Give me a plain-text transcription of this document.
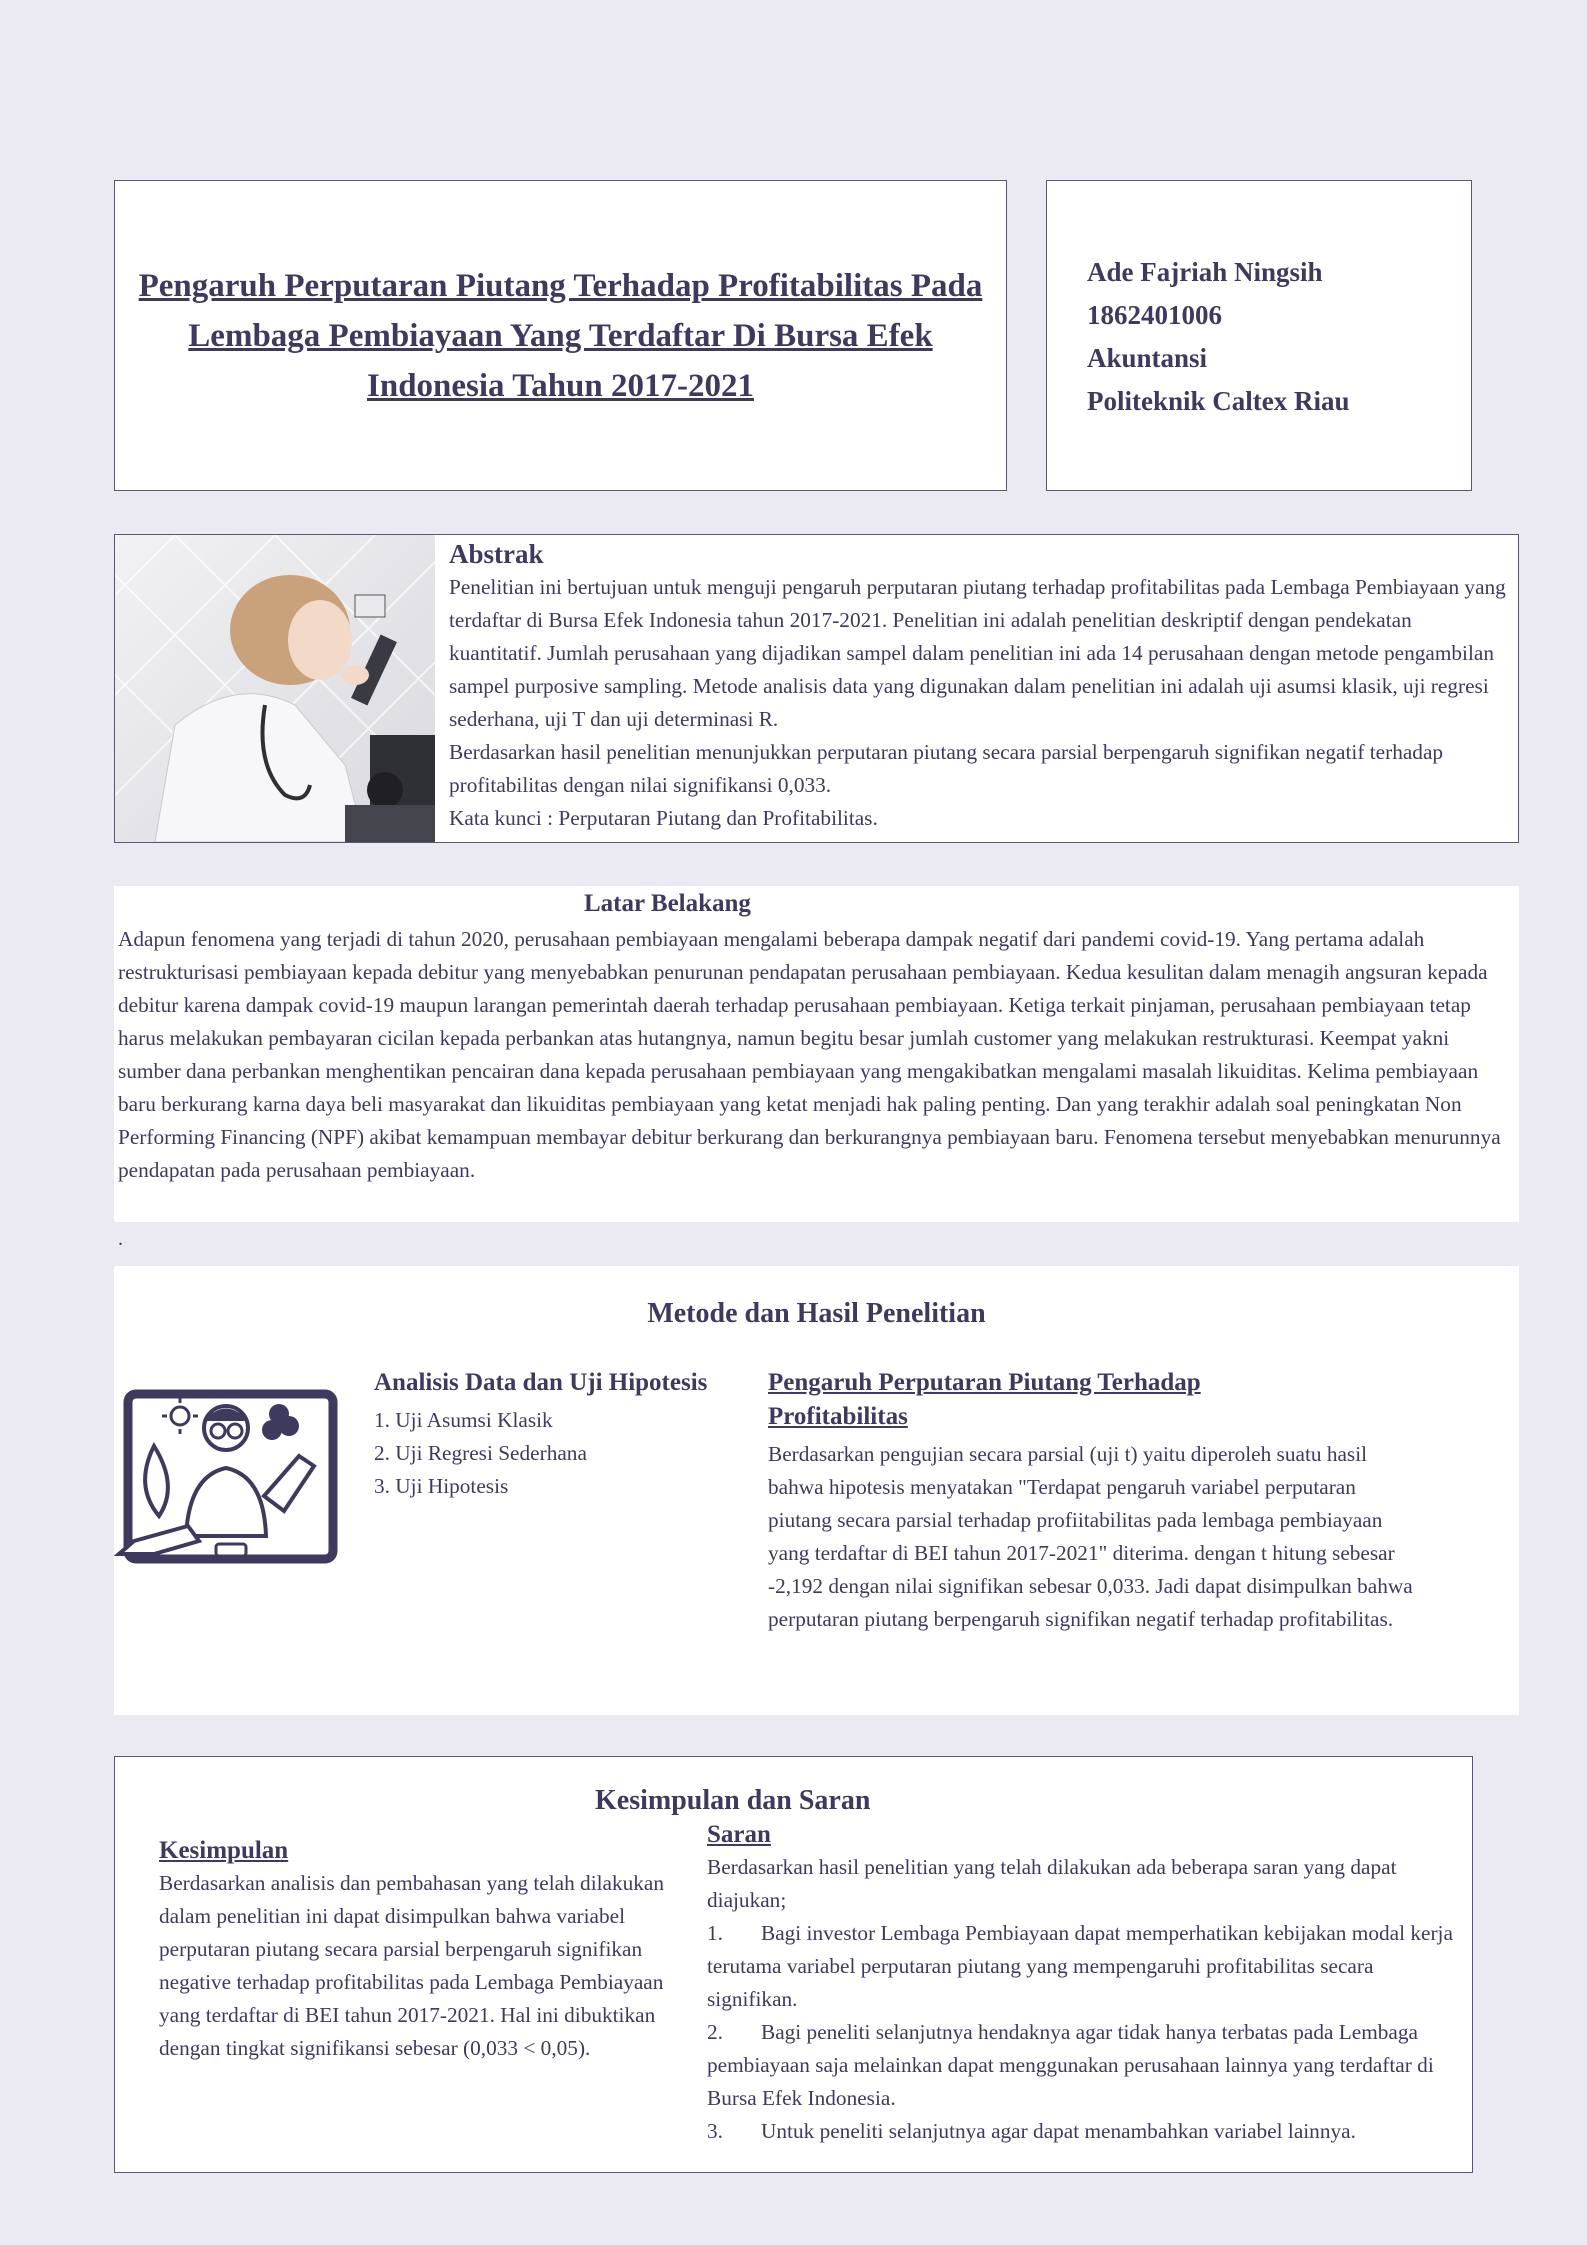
Pengaruh Perputaran Piutang Terhadap Profitabilitas Pada Lembaga Pembiayaan Yang Terdaftar Di Bursa Efek Indonesia Tahun 2017-2021
Ade Fajriah Ningsih
1862401006
Akuntansi
Politeknik Caltex Riau
Abstrak

Penelitian ini bertujuan untuk menguji pengaruh perputaran piutang terhadap profitabilitas pada Lembaga Pembiayaan yang terdaftar di Bursa Efek Indonesia tahun 2017-2021. Penelitian ini adalah penelitian deskriptif dengan pendekatan kuantitatif. Jumlah perusahaan yang dijadikan sampel dalam penelitian ini ada 14 perusahaan dengan metode pengambilan sampel purposive sampling. Metode analisis data yang digunakan dalam penelitian ini adalah uji asumsi klasik, uji regresi sederhana, uji T dan uji determinasi R.

Berdasarkan hasil penelitian menunjukkan perputaran piutang secara parsial berpengaruh signifikan negatif terhadap profitabilitas dengan nilai signifikansi 0,033.

Kata kunci : Perputaran Piutang dan Profitabilitas.

Latar Belakang

Adapun fenomena yang terjadi di tahun 2020, perusahaan pembiayaan mengalami beberapa dampak negatif dari pandemi covid-19. Yang pertama adalah restrukturisasi pembiayaan kepada debitur yang menyebabkan penurunan pendapatan perusahaan pembiayaan. Kedua kesulitan dalam menagih angsuran kepada debitur karena dampak covid-19 maupun larangan pemerintah daerah terhadap perusahaan pembiayaan. Ketiga terkait pinjaman, perusahaan pembiayaan tetap harus melakukan pembayaran cicilan kepada perbankan atas hutangnya, namun begitu besar jumlah customer yang melakukan restrukturasi. Keempat yakni sumber dana perbankan menghentikan pencairan dana kepada perusahaan pembiayaan yang mengakibatkan mengalami masalah likuiditas. Kelima pembiayaan baru berkurang karna daya beli masyarakat dan likuiditas pembiayaan yang ketat menjadi hak paling penting. Dan yang terakhir adalah soal peningkatan Non Performing Financing (NPF) akibat kemampuan membayar debitur berkurang dan berkurangnya pembiayaan baru. Fenomena tersebut menyebabkan menurunnya pendapatan pada perusahaan pembiayaan.

.
Metode dan Hasil Penelitian
Analisis Data dan Uji Hipotesis
1. Uji Asumsi Klasik
2. Uji Regresi Sederhana
3. Uji Hipotesis
Pengaruh Perputaran Piutang Terhadap Profitabilitas

Berdasarkan pengujian secara parsial (uji t) yaitu diperoleh suatu hasil bahwa hipotesis menyatakan "Terdapat pengaruh variabel perputaran piutang secara parsial terhadap profiitabilitas pada lembaga pembiayaan yang terdaftar di BEI tahun 2017-2021" diterima. dengan t hitung sebesar -2,192 dengan nilai signifikan sebesar 0,033. Jadi dapat disimpulkan bahwa perputaran piutang berpengaruh signifikan negatif terhadap profitabilitas.

Kesimpulan dan Saran
Kesimpulan

Berdasarkan analisis dan pembahasan yang telah dilakukan dalam penelitian ini dapat disimpulkan bahwa variabel perputaran piutang secara parsial berpengaruh signifikan negative terhadap profitabilitas pada Lembaga Pembiayaan yang terdaftar di BEI tahun 2017-2021. Hal ini dibuktikan dengan tingkat signifikansi sebesar (0,033 < 0,05).

Saran

Berdasarkan hasil penelitian yang telah dilakukan ada beberapa saran yang dapat diajukan;

1. Bagi investor Lembaga Pembiayaan dapat memperhatikan kebijakan modal kerja terutama variabel perputaran piutang yang mempengaruhi profitabilitas secara signifikan.

2. Bagi peneliti selanjutnya hendaknya agar tidak hanya terbatas pada Lembaga pembiayaan saja melainkan dapat menggunakan perusahaan lainnya yang terdaftar di Bursa Efek Indonesia.

3. Untuk peneliti selanjutnya agar dapat menambahkan variabel lainnya.
